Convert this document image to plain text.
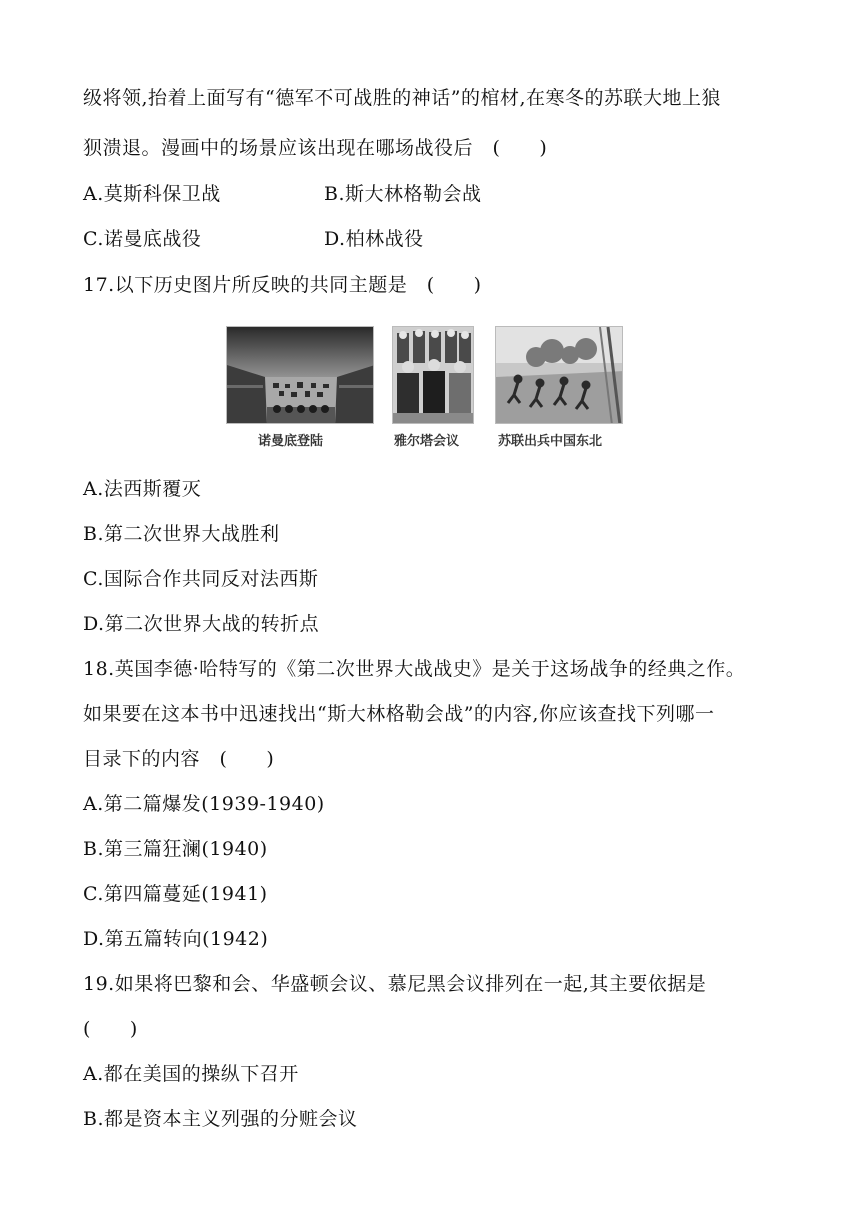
级将领,抬着上面写有“德军不可战胜的神话”的棺材,在寒冬的苏联大地上狼
狈溃退。漫画中的场景应该出现在哪场战役后　(　　)
A.莫斯科保卫战	B.斯大林格勒会战
C.诺曼底战役	D.柏林战役
17.以下历史图片所反映的共同主题是　(　　)
诺曼底登陆	雅尔塔会议	苏联出兵中国东北
A.法西斯覆灭
B.第二次世界大战胜利
C.国际合作共同反对法西斯
D.第二次世界大战的转折点
18.英国李德·哈特写的《第二次世界大战战史》是关于这场战争的经典之作。
如果要在这本书中迅速找出“斯大林格勒会战”的内容,你应该查找下列哪一
目录下的内容　(　　)
A.第二篇爆发(1939-1940)
B.第三篇狂澜(1940)
C.第四篇蔓延(1941)
D.第五篇转向(1942)
19.如果将巴黎和会、华盛顿会议、慕尼黑会议排列在一起,其主要依据是
(　　)
A.都在美国的操纵下召开
B.都是资本主义列强的分赃会议
